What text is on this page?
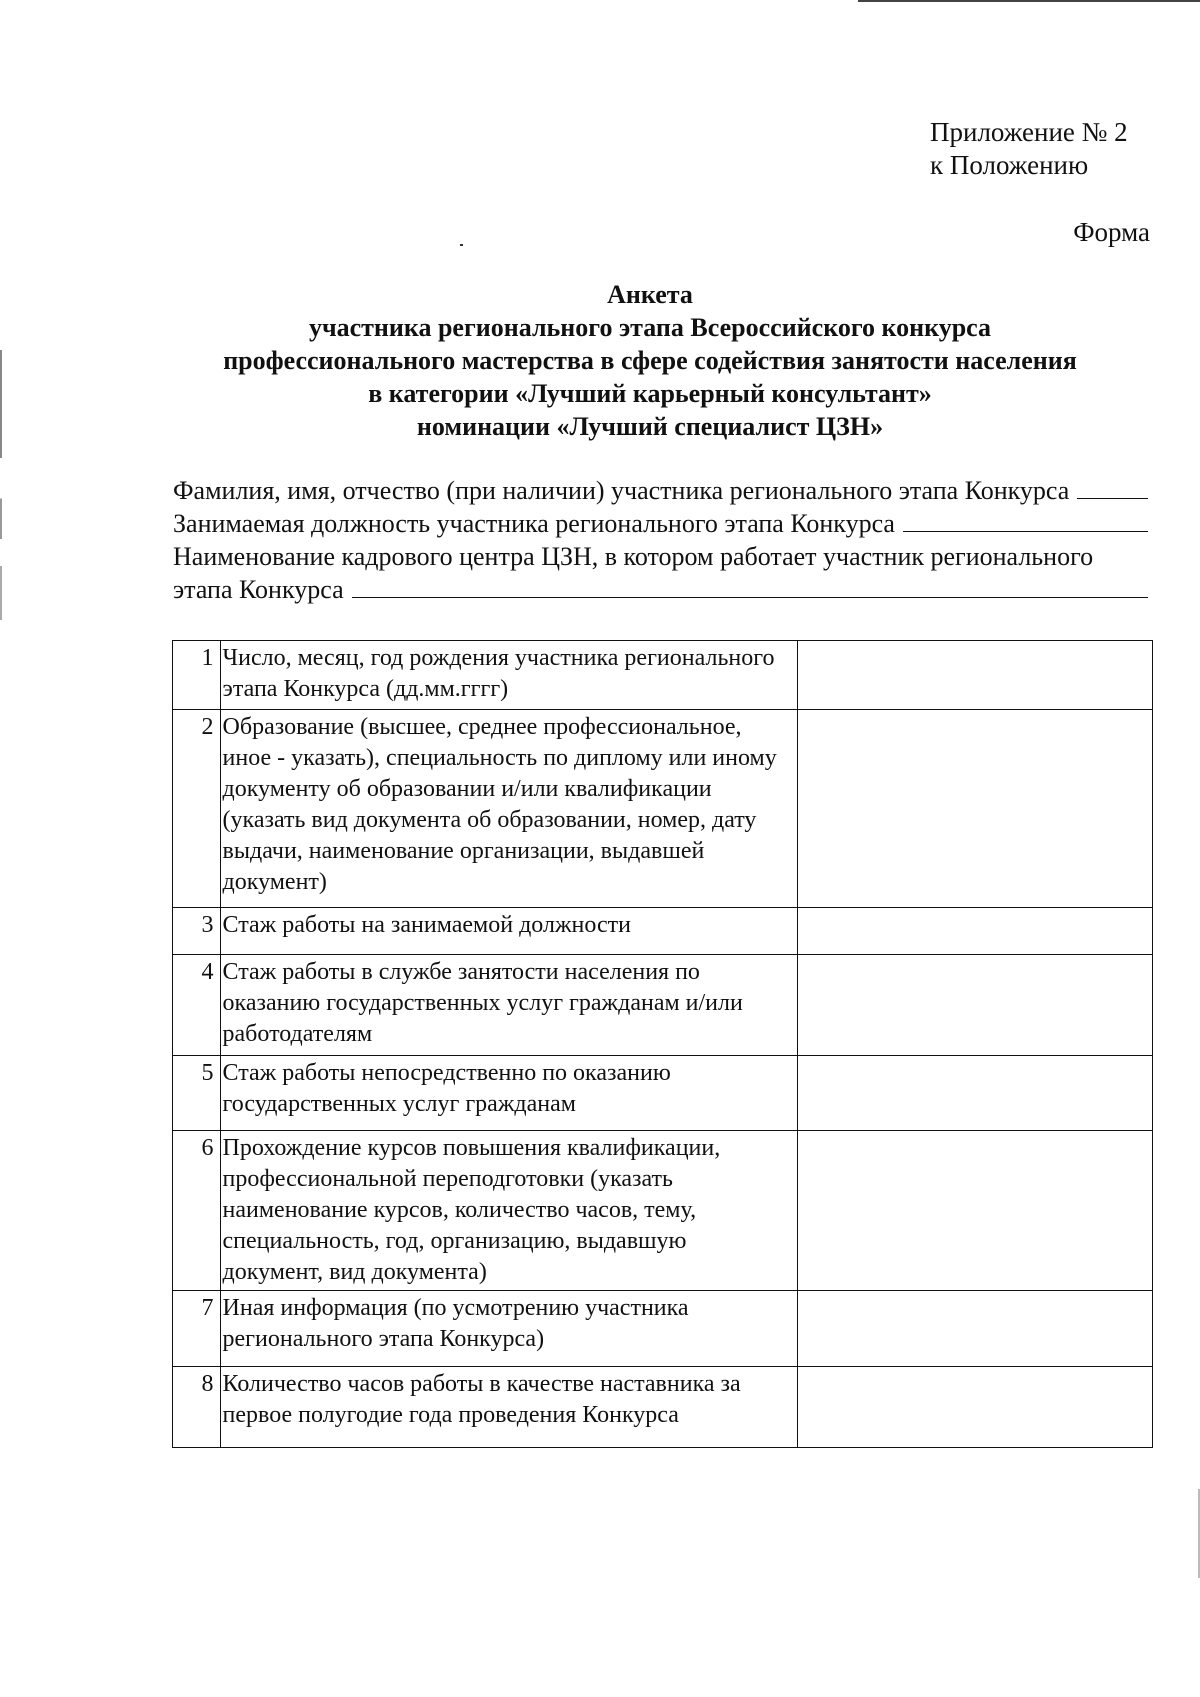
Приложение № 2
к Положению
Форма
Анкета
участника регионального этапа Всероссийского конкурса
профессионального мастерства в сфере содействия занятости населения
в категории «Лучший карьерный консультант»
номинации «Лучший специалист ЦЗН»
Фамилия, имя, отчество (при наличии) участника регионального этапа Конкурса
Занимаемая должность участника регионального этапа Конкурса
Наименование кадрового центра ЦЗН, в котором работает участник регионального
этапа Конкурса
1	Число, месяц, год рождения участника регионального этапа Конкурса (дд.мм.гггг)	
2	Образование (высшее, среднее профессиональное, иное - указать), специальность по диплому или иному документу об образовании и/или квалификации (указать вид документа об образовании, номер, дату выдачи, наименование организации, выдавшей документ)	
3	Стаж работы на занимаемой должности	
4	Стаж работы в службе занятости населения по оказанию государственных услуг гражданам и/или работодателям	
5	Стаж работы непосредственно по оказанию государственных услуг гражданам	
6	Прохождение курсов повышения квалификации, профессиональной переподготовки (указать наименование курсов, количество часов, тему, специальность, год, организацию, выдавшую документ, вид документа)	
7	Иная информация (по усмотрению участника регионального этапа Конкурса)	
8	Количество часов работы в качестве наставника за первое полугодие года проведения Конкурса	
